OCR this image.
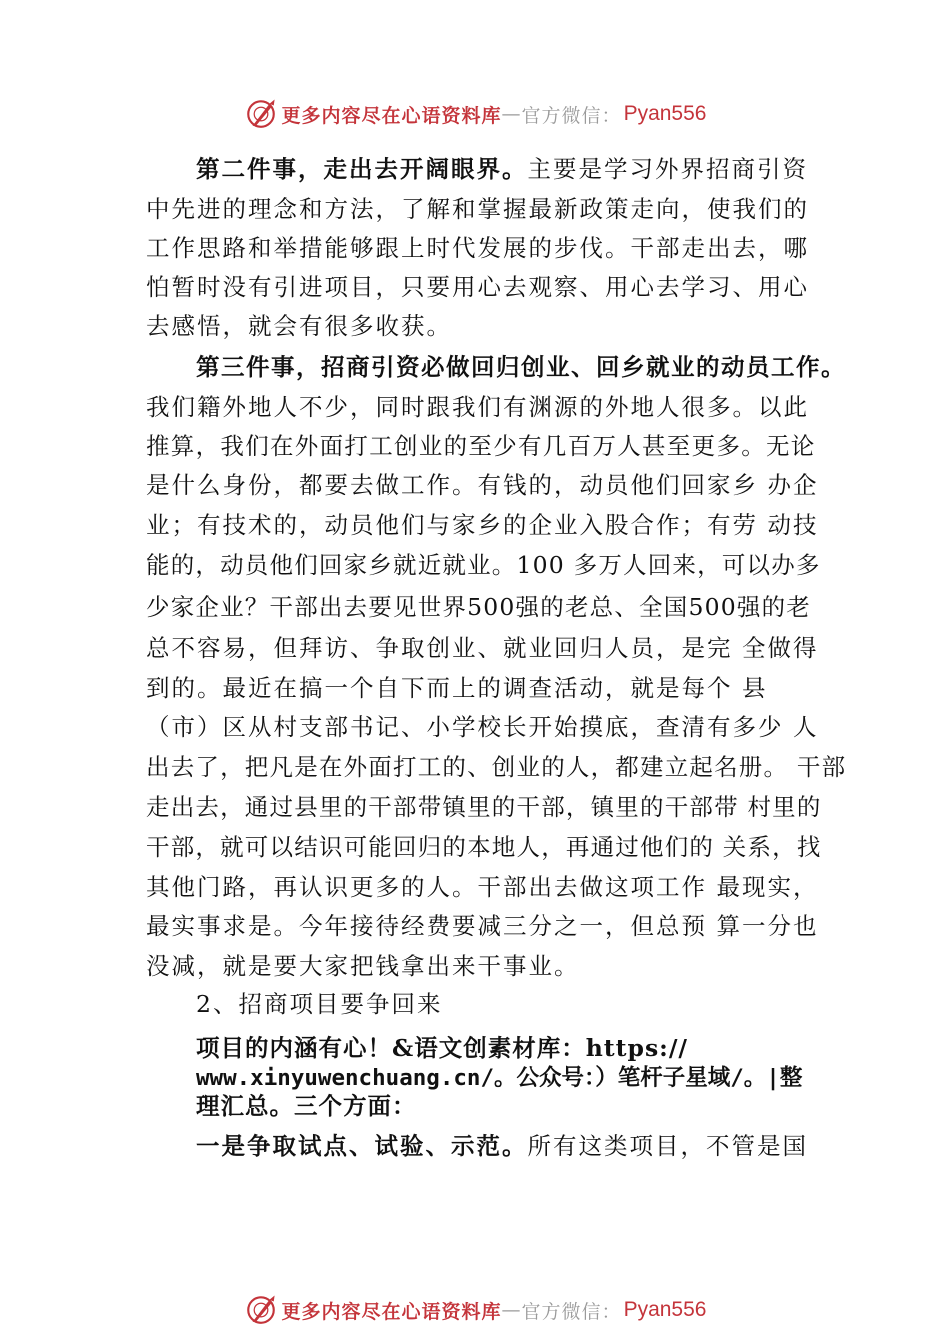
更多内容尽在心语资料库 — 官方微信： Pyan556
第二件事，走出去开阔眼界。主要是学习外界招商引资
中先进的理念和方法，了解和掌握最新政策走向，使我们的
工作思路和举措能够跟上时代发展的步伐。干部走出去，哪
怕暂时没有引进项目，只要用心去观察、用心去学习、用心
去感悟，就会有很多收获。
第三件事，招商引资必做回归创业、回乡就业的动员工作。
我们籍外地人不少，同时跟我们有渊源的外地人很多。以此
推算，我们在外面打工创业的至少有几百万人甚至更多。无论
是什么身份，都要去做工作。有钱的，动员他们回家乡 办企
业；有技术的，动员他们与家乡的企业入股合作；有劳 动技
能的，动员他们回家乡就近就业。100 多万人回来，可以办多
少家企业？干部出去要见世界500强的老总、全国500强的老
总不容易，但拜访、争取创业、就业回归人员，是完 全做得
到的。最近在搞一个自下而上的调查活动，就是每个 县
（市）区从村支部书记、小学校长开始摸底，查清有多少 人
出去了，把凡是在外面打工的、创业的人，都建立起名册。 干部
走出去，通过县里的干部带镇里的干部，镇里的干部带 村里的
干部，就可以结识可能回归的本地人，再通过他们的 关系，找
其他门路，再认识更多的人。干部出去做这项工作 最现实，
最实事求是。今年接待经费要减三分之一，但总预 算一分也
没减，就是要大家把钱拿出来干事业。
2、招商项目要争回来
项目的内涵有心！&语文创素材库：https://
www.xinyuwenchuang.cn/。公众号：）笔杆子星域/。|整
理汇总。三个方面：
一是争取试点、试验、示范。所有这类项目，不管是国
更多内容尽在心语资料库 — 官方微信： Pyan556
